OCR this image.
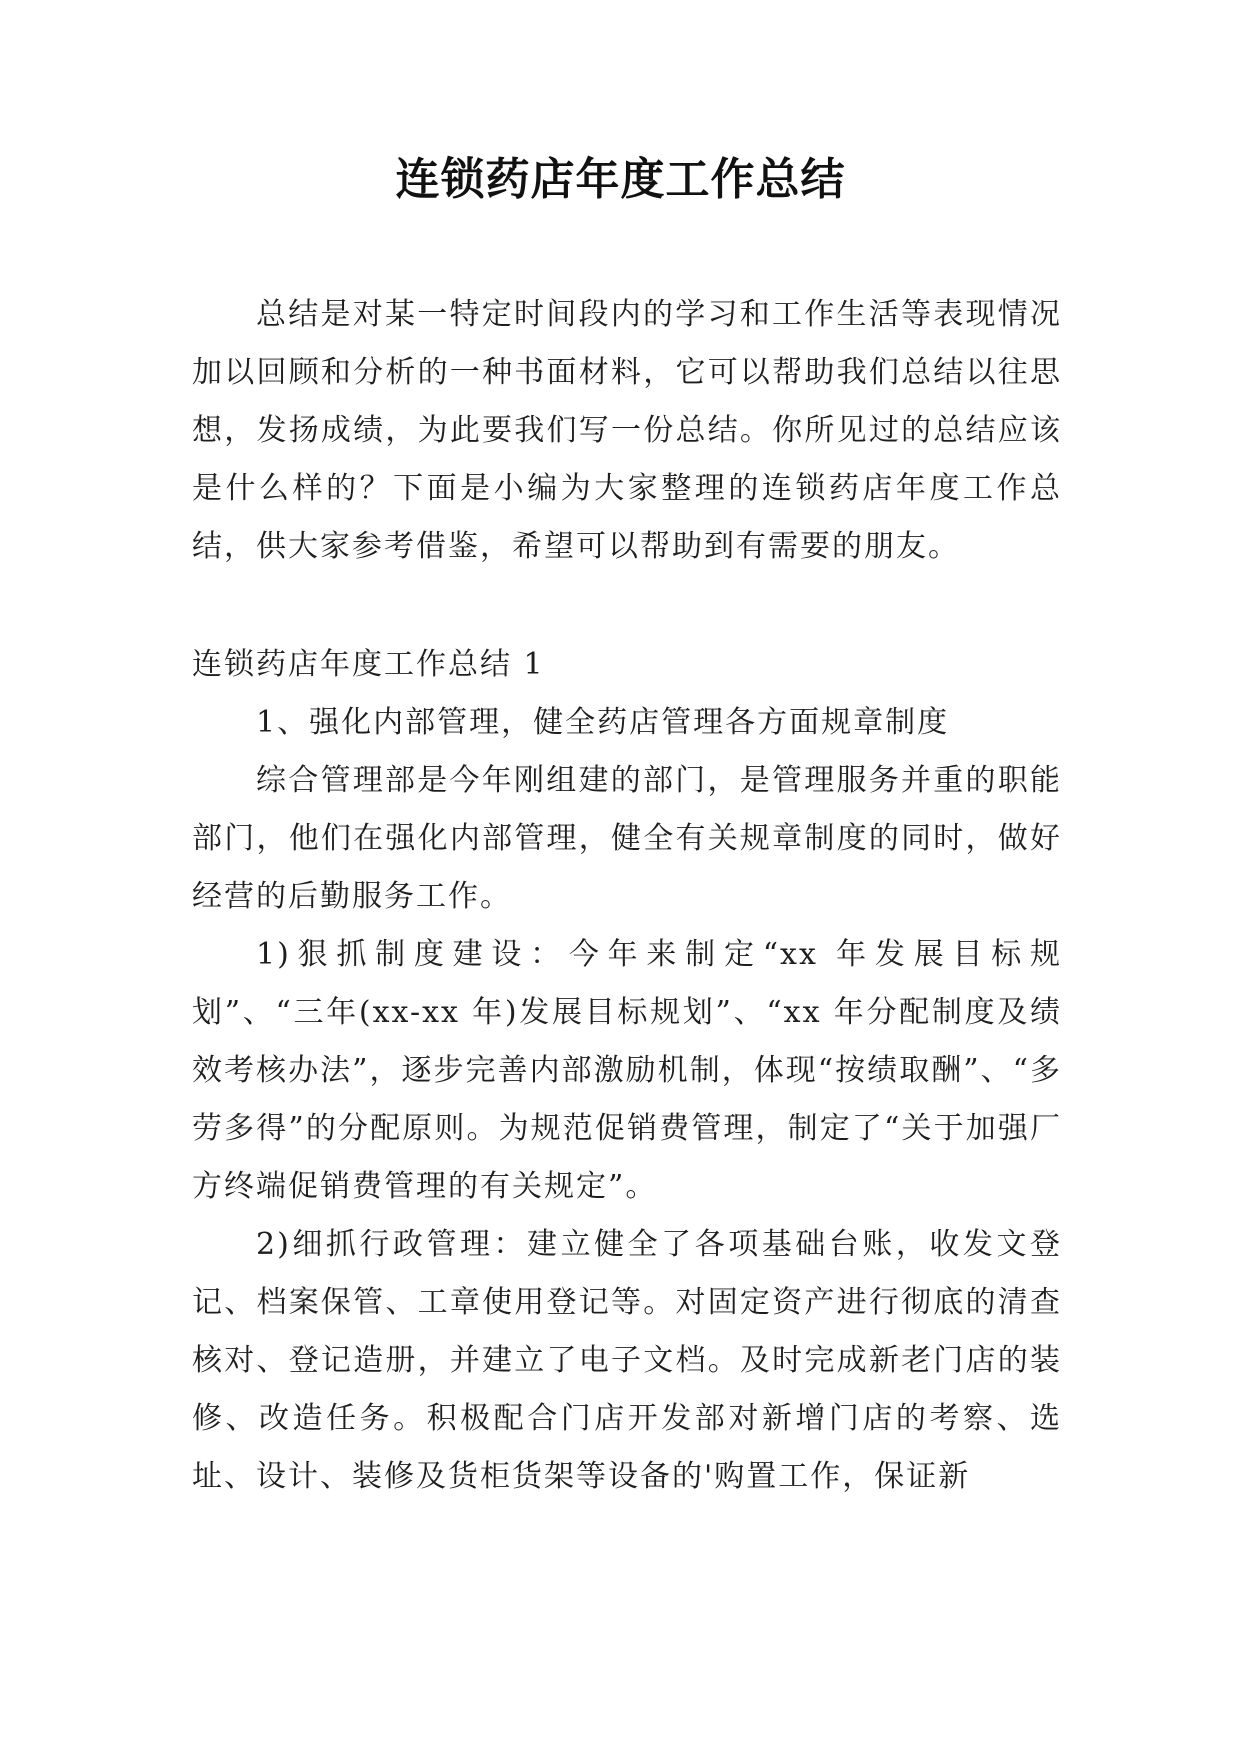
连锁药店年度工作总结

总结是对某一特定时间段内的学习和工作生活等表现情况加以回顾和分析的一种书面材料，它可以帮助我们总结以往思想，发扬成绩，为此要我们写一份总结。你所见过的总结应该是什么样的？下面是小编为大家整理的连锁药店年度工作总结，供大家参考借鉴，希望可以帮助到有需要的朋友。

连锁药店年度工作总结 1

1、强化内部管理，健全药店管理各方面规章制度

综合管理部是今年刚组建的部门，是管理服务并重的职能部门，他们在强化内部管理，健全有关规章制度的同时，做好经营的后勤服务工作。

1)狠抓制度建设：今年来制定“xx 年发展目标规划”、“三年(xx-xx 年)发展目标规划”、“xx 年分配制度及绩效考核办法”，逐步完善内部激励机制，体现“按绩取酬”、“多劳多得”的分配原则。为规范促销费管理，制定了“关于加强厂方终端促销费管理的有关规定”。

2)细抓行政管理：建立健全了各项基础台账，收发文登记、档案保管、工章使用登记等。对固定资产进行彻底的清查核对、登记造册，并建立了电子文档。及时完成新老门店的装修、改造任务。积极配合门店开发部对新增门店的考察、选址、设计、装修及货柜货架等设备的'购置工作，保证新
